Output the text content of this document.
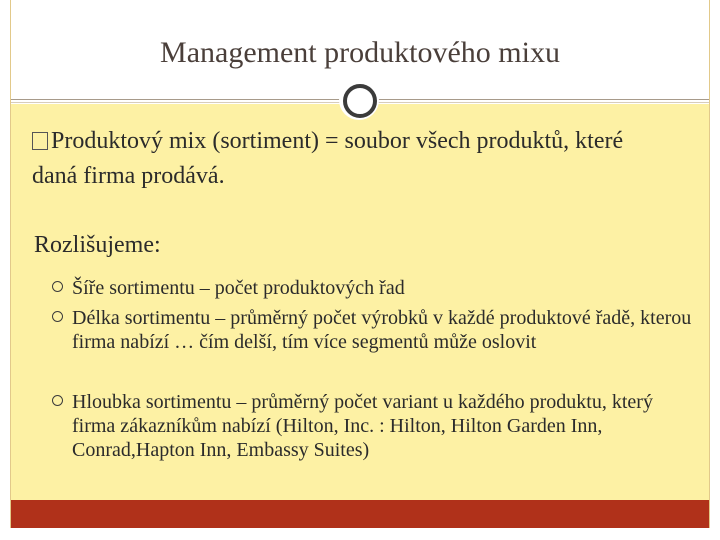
Management produktového mixu
Produktový mix (sortiment) = soubor všech produktů, které daná firma prodává.
Rozlišujeme:
Šíře sortimentu – počet produktových řad
Délka sortimentu – průměrný počet výrobků v každé produktové řadě, kterou firma nabízí … čím delší, tím více segmentů může oslovit
Hloubka sortimentu – průměrný počet variant u každého produktu, který firma zákazníkům nabízí (Hilton, Inc. : Hilton, Hilton Garden Inn, Conrad,Hapton Inn, Embassy Suites)
